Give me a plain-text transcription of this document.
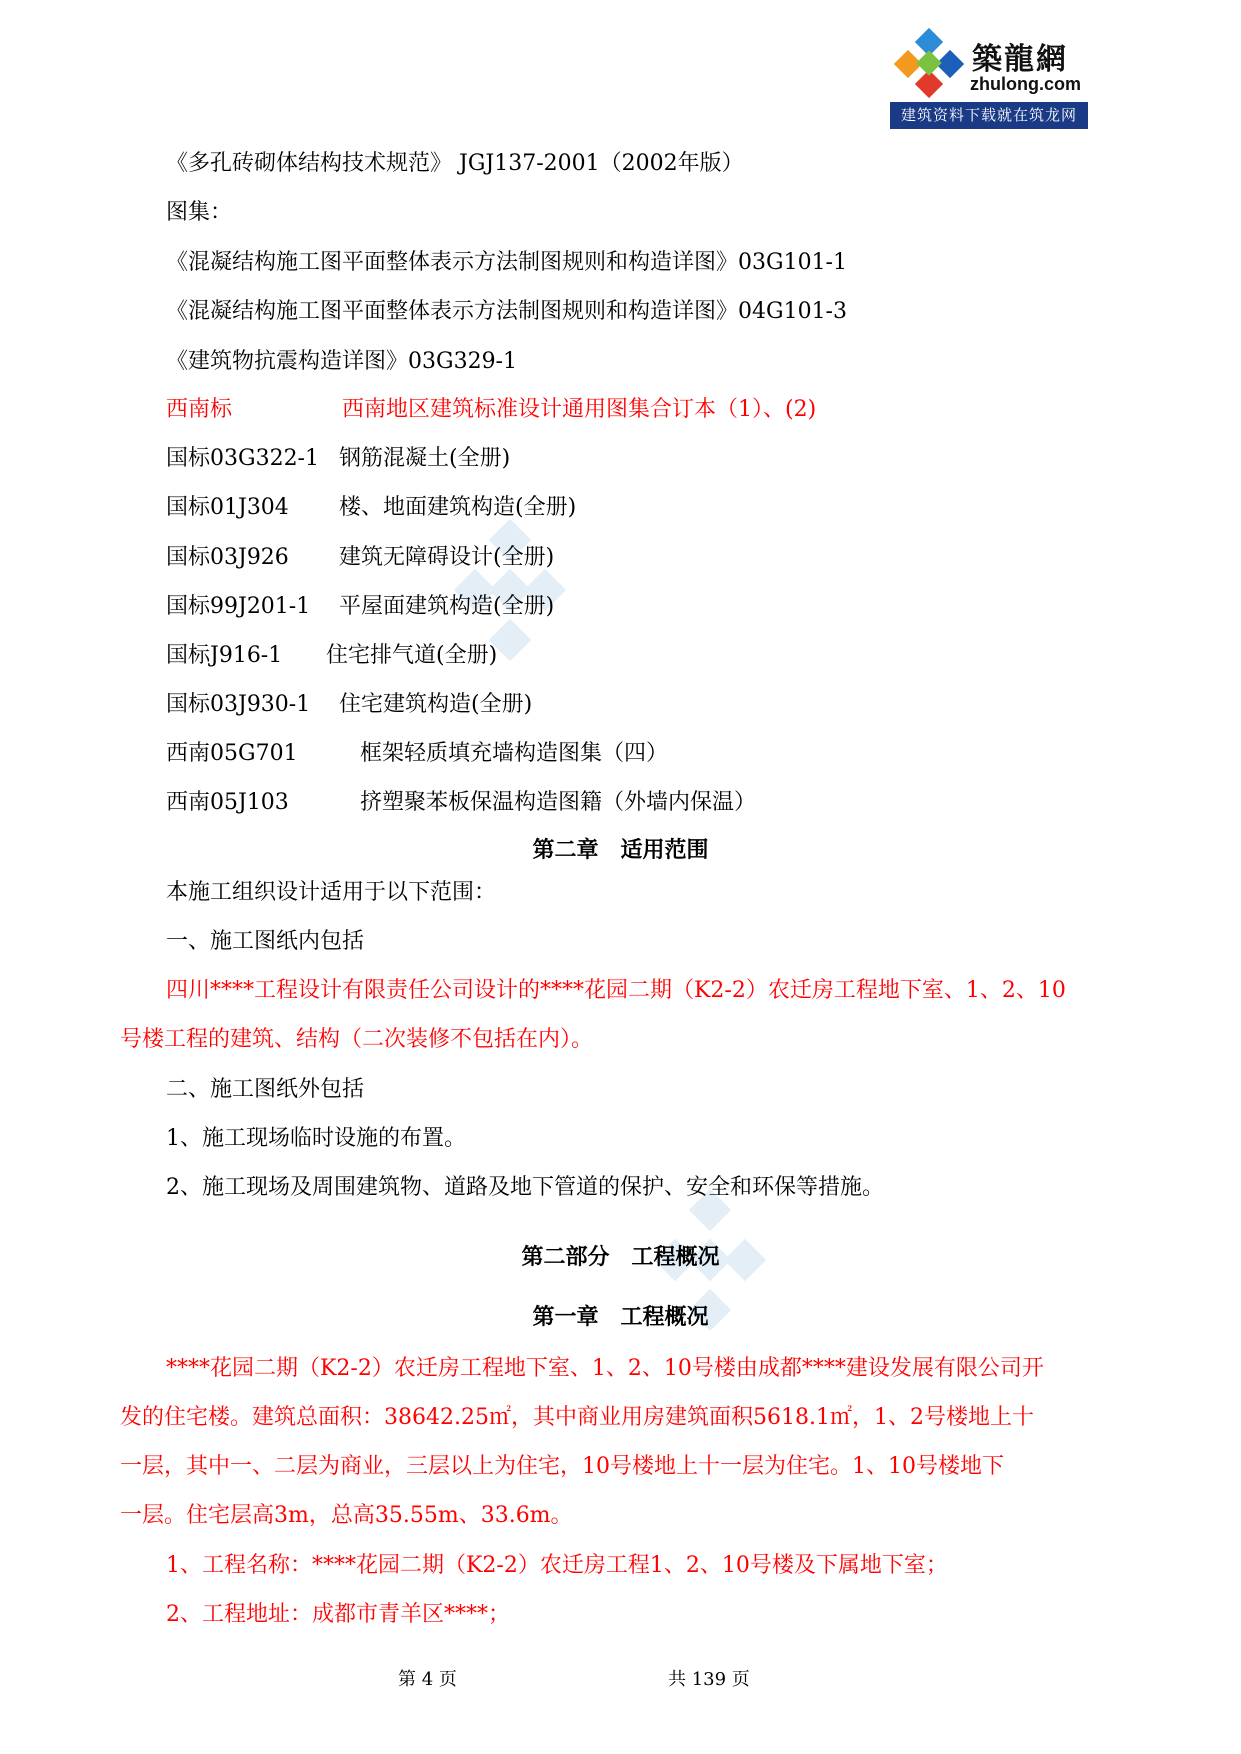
築龍網
zhulong.com
建筑资料下载就在筑龙网
《多孔砖砌体结构技术规范》 JGJ137-2001（2002年版）
图集：
《混凝结构施工图平面整体表示方法制图规则和构造详图》03G101-1
《混凝结构施工图平面整体表示方法制图规则和构造详图》04G101-3
《建筑物抗震构造详图》03G329-1
西南标	西南地区建筑标准设计通用图集合订本（1）、(2)
国标03G322-1 钢筋混凝土(全册)
国标01J304 楼、地面建筑构造(全册)
国标03J926 建筑无障碍设计(全册)
国标99J201-1 平屋面建筑构造(全册)
国标J916-1 住宅排气道(全册)
国标03J930-1 住宅建筑构造(全册)
西南05G701	框架轻质填充墙构造图集（四）
西南05J103	挤塑聚苯板保温构造图籍（外墙内保温）
第二章　适用范围
本施工组织设计适用于以下范围：
一、施工图纸内包括
四川****工程设计有限责任公司设计的****花园二期（K2-2）农迁房工程地下室、1、2、10
号楼工程的建筑、结构（二次装修不包括在内）。
二、施工图纸外包括
1、施工现场临时设施的布置。
2、施工现场及周围建筑物、道路及地下管道的保护、安全和环保等措施。
第二部分　工程概况
第一章　工程概况
****花园二期（K2-2）农迁房工程地下室、1、2、10号楼由成都****建设发展有限公司开
发的住宅楼。建筑总面积：38642.25㎡，其中商业用房建筑面积5618.1㎡，1、2号楼地上十
一层，其中一、二层为商业，三层以上为住宅，10号楼地上十一层为住宅。1、10号楼地下
一层。住宅层高3m，总高35.55m、33.6m。
1、工程名称：****花园二期（K2-2）农迁房工程1、2、10号楼及下属地下室；
2、工程地址：成都市青羊区****；
第 4 页	共 139 页
